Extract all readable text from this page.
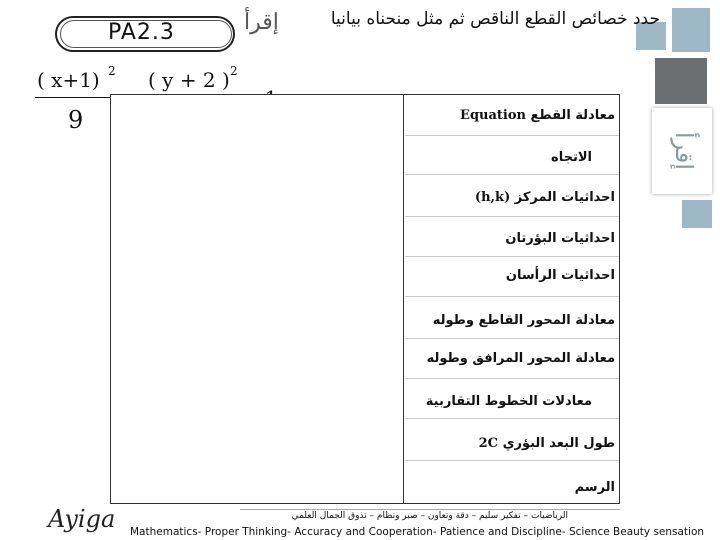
إقرأ
PA2.3	إقرأ	حدد خصائص القطع الناقص ثم مثل منحناه بيانيا
( x+1) 2 ( y + 2 ) 2
9	معادلة القطع Equation
الاتجاه
احداثيات المركز (h,k)
احداثيات البؤرتان
احداثيات الرأسان
معادلة المحور القاطع وطوله
معادلة المحور المرافق وطوله
معادلات الخطوط التقاربية
طول البعد البؤري 2C
الرسم
Ayiga	الرياضيات – تفكير سليم – دقة وتعاون – صبر ونظام – تذوق الجمال العلمي
Mathematics- Proper Thinking- Accuracy and Cooperation- Patience and Discipline- Science Beauty sensation
